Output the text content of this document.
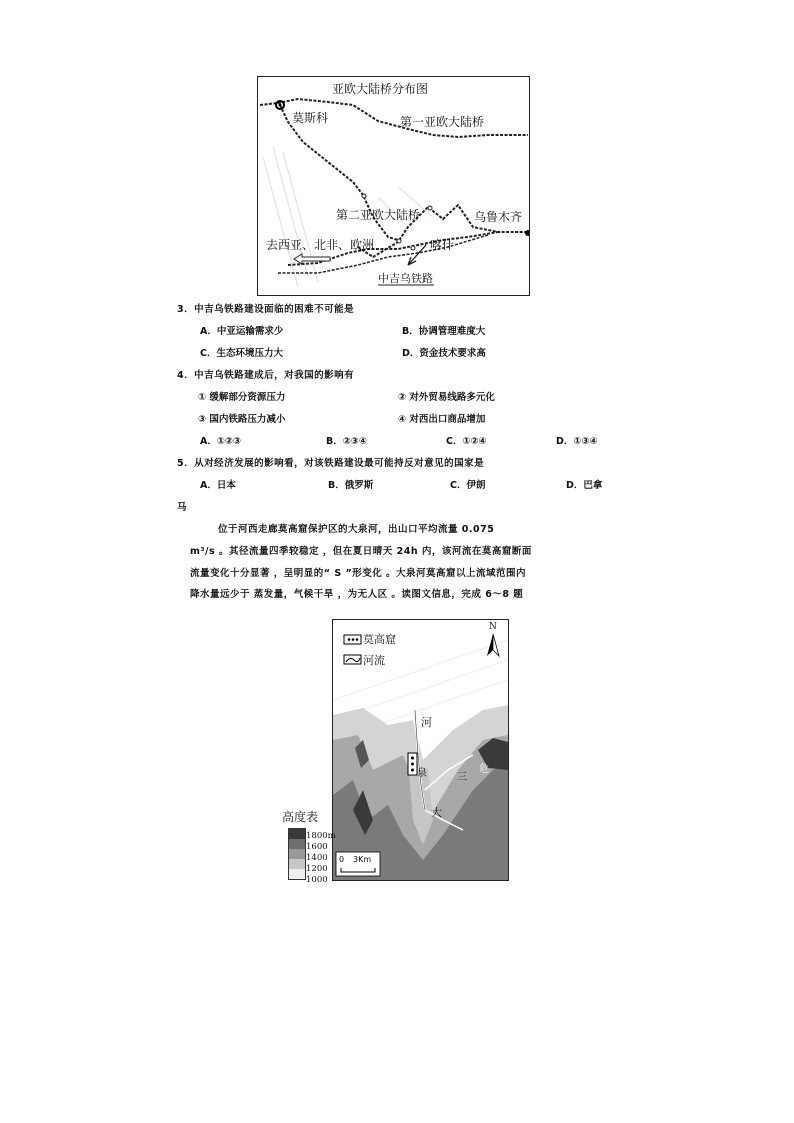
亚欧大陆桥分布图
莫斯科	第一亚欧大陆桥
第二亚欧大陆桥	乌鲁木齐
去西亚、北非、欧洲	喀什
中吉乌铁路
3．中吉乌铁路建设面临的困难不可能是
A．中亚运输需求少	B．协调管理难度大
C．生态环境压力大	D．资金技术要求高
4．中吉乌铁路建成后，对我国的影响有
① 缓解部分资源压力	② 对外贸易线路多元化
③ 国内铁路压力减小	④ 对西出口商品增加
A．①②③	B．②③④	C．①②④	D．①③④
5．从对经济发展的影响看，对该铁路建设最可能持反对意见的国家是
A．日本	B．俄罗斯	C．伊朗	D．巴拿
马
位于河西走廊莫高窟保护区的大泉河，出山口平均流量 0.075
m³/s 。其径流量四季较稳定 ，但在夏日晴天 24h 内，该河流在莫高窟断面
流量变化十分显著 ，呈明显的“ S ”形变化 。大泉河莫高窟以上流域范围内
降水量远少于 蒸发量，气候干旱 ，为无人区 。读图文信息，完成 6～8 题
莫高窟
河流
N
河
泉	三
危
大
0 3Km
高度表
1800m
1600
1400
1200
1000
